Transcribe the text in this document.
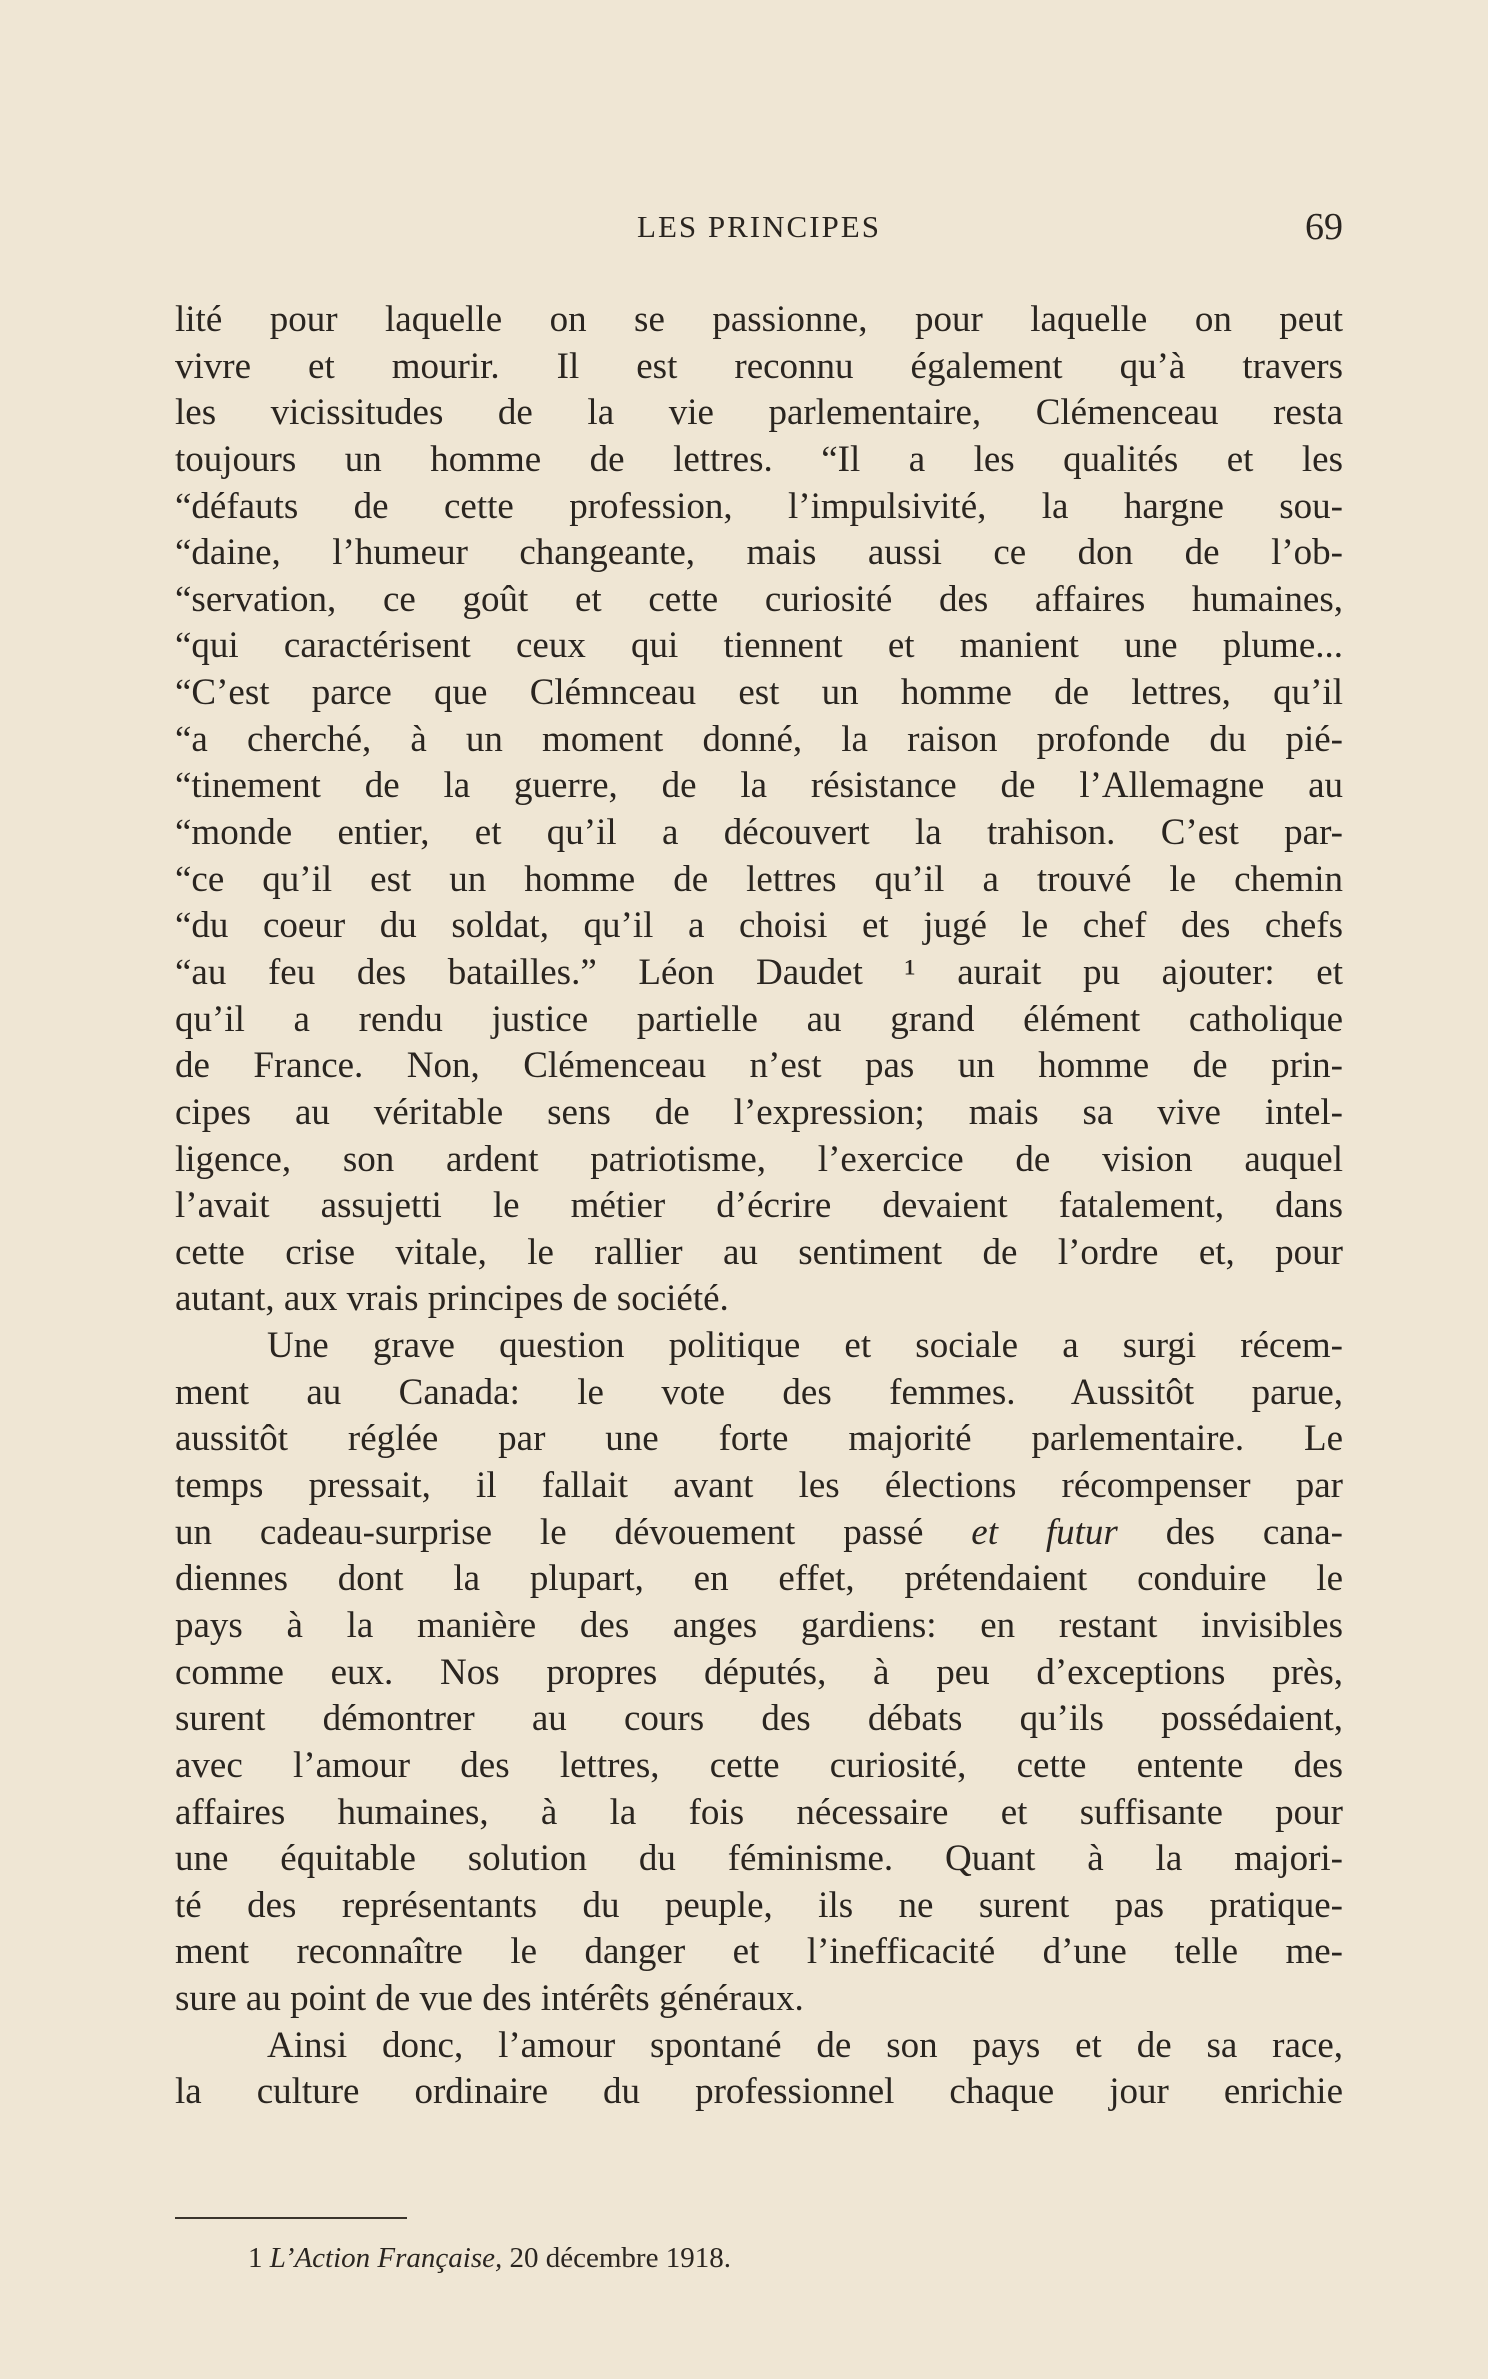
LES PRINCIPES	69
lité pour laquelle on se passionne, pour laquelle on peut
vivre et mourir. Il est reconnu également qu’à travers
les vicissitudes de la vie parlementaire, Clémenceau resta
toujours un homme de lettres. “Il a les qualités et les
“défauts de cette profession, l’impulsivité, la hargne sou-
“daine, l’humeur changeante, mais aussi ce don de l’ob-
“servation, ce goût et cette curiosité des affaires humaines,
“qui caractérisent ceux qui tiennent et manient une plume...
“C’est parce que Clémnceau est un homme de lettres, qu’il
“a cherché, à un moment donné, la raison profonde du pié-
“tinement de la guerre, de la résistance de l’Allemagne au
“monde entier, et qu’il a découvert la trahison. C’est par-
“ce qu’il est un homme de lettres qu’il a trouvé le chemin
“du coeur du soldat, qu’il a choisi et jugé le chef des chefs
“au feu des batailles.” Léon Daudet ¹ aurait pu ajouter: et
qu’il a rendu justice partielle au grand élément catholique
de France. Non, Clémenceau n’est pas un homme de prin-
cipes au véritable sens de l’expression; mais sa vive intel-
ligence, son ardent patriotisme, l’exercice de vision auquel
l’avait assujetti le métier d’écrire devaient fatalement, dans
cette crise vitale, le rallier au sentiment de l’ordre et, pour
autant, aux vrais principes de société.
Une grave question politique et sociale a surgi récem-
ment au Canada: le vote des femmes. Aussitôt parue,
aussitôt réglée par une forte majorité parlementaire. Le
temps pressait, il fallait avant les élections récompenser par
un cadeau-surprise le dévouement passé et futur des cana-
diennes dont la plupart, en effet, prétendaient conduire le
pays à la manière des anges gardiens: en restant invisibles
comme eux. Nos propres députés, à peu d’exceptions près,
surent démontrer au cours des débats qu’ils possédaient,
avec l’amour des lettres, cette curiosité, cette entente des
affaires humaines, à la fois nécessaire et suffisante pour
une équitable solution du féminisme. Quant à la majori-
té des représentants du peuple, ils ne surent pas pratique-
ment reconnaître le danger et l’inefficacité d’une telle me-
sure au point de vue des intérêts généraux.
Ainsi donc, l’amour spontané de son pays et de sa race,
la culture ordinaire du professionnel chaque jour enrichie
1 L’Action Française, 20 décembre 1918.
